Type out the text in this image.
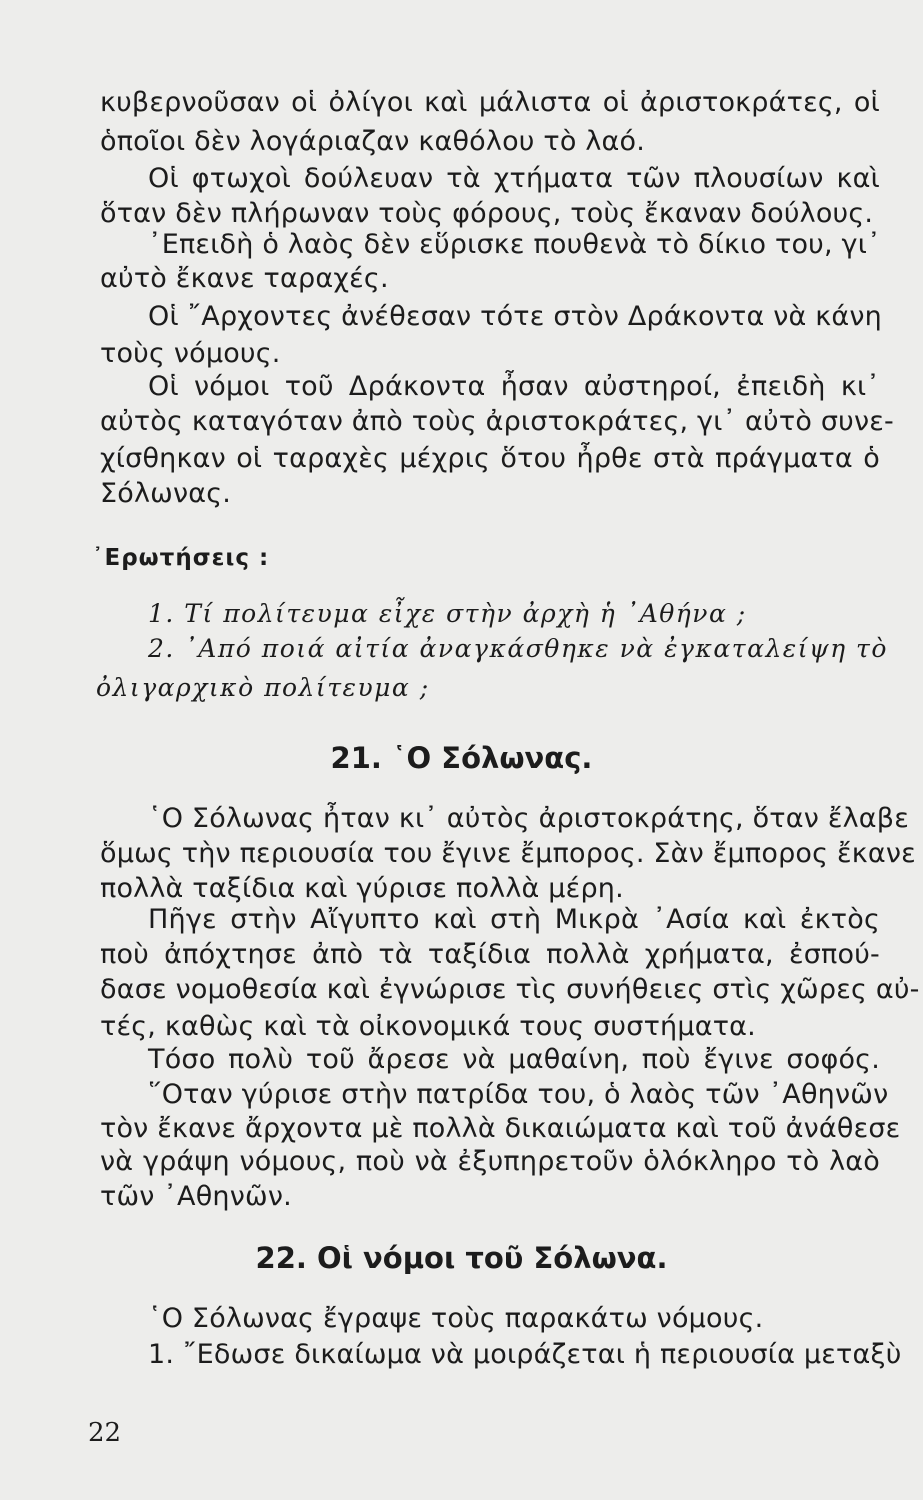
κυβερνοῦσαν οἱ ὀλίγοι καὶ μάλιστα οἱ ἀριστοκράτες, οἱ
ὁποῖοι δὲν λογάριαζαν καθόλου τὸ λαό.
Οἱ φτωχοὶ δούλευαν τὰ χτήματα τῶν πλουσίων καὶ
ὅταν δὲν πλήρωναν τοὺς φόρους, τοὺς ἔκαναν δούλους.
᾿Επειδὴ ὁ λαὸς δὲν εὕρισκε πουθενὰ τὸ δίκιο του, γι᾿
αὐτὸ ἔκανε ταραχές.
Οἱ ῎Αρχοντες ἀνέθεσαν τότε στὸν Δράκοντα νὰ κάνη
τοὺς νόμους.
Οἱ νόμοι τοῦ Δράκοντα ἦσαν αὐστηροί, ἐπειδὴ κι᾿
αὐτὸς καταγόταν ἀπὸ τοὺς ἀριστοκράτες, γι᾿ αὐτὸ συνε-
χίσθηκαν οἱ ταραχὲς μέχρις ὅτου ἦρθε στὰ πράγματα ὁ
Σόλωνας.
᾿Ερωτήσεις :
1. Τί πολίτευμα εἶχε στὴν ἀρχὴ ἡ ᾿Αθήνα ;
2. ᾿Από ποιά αἰτία ἀναγκάσθηκε νὰ ἐγκαταλείψη τὸ
ὀλιγαρχικὸ πολίτευμα ;
21. ῾Ο Σόλωνας.
῾Ο Σόλωνας ἦταν κι᾿ αὐτὸς ἀριστοκράτης, ὅταν ἔλαβε
ὅμως τὴν περιουσία του ἔγινε ἔμπορος. Σὰν ἔμπορος ἔκανε
πολλὰ ταξίδια καὶ γύρισε πολλὰ μέρη.
Πῆγε στὴν Αἴγυπτο καὶ στὴ Μικρὰ ᾿Ασία καὶ ἐκτὸς
ποὺ ἀπόχτησε ἀπὸ τὰ ταξίδια πολλὰ χρήματα, ἐσπού-
δασε νομοθεσία καὶ ἐγνώρισε τὶς συνήθειες στὶς χῶρες αὐ-
τές, καθὼς καὶ τὰ οἰκονομικά τους συστήματα.
Τόσο πολὺ τοῦ ἄρεσε νὰ μαθαίνη, ποὺ ἔγινε σοφός.
῞Οταν γύρισε στὴν πατρίδα του, ὁ λαὸς τῶν ᾿Αθηνῶν
τὸν ἔκανε ἄρχοντα μὲ πολλὰ δικαιώματα καὶ τοῦ ἀνάθεσε
νὰ γράψη νόμους, ποὺ νὰ ἐξυπηρετοῦν ὁλόκληρο τὸ λαὸ
τῶν ᾿Αθηνῶν.
22. Οἱ νόμοι τοῦ Σόλωνα.
῾Ο Σόλωνας ἔγραψε τοὺς παρακάτω νόμους.
1. ῎Εδωσε δικαίωμα νὰ μοιράζεται ἡ περιουσία μεταξὺ
22
